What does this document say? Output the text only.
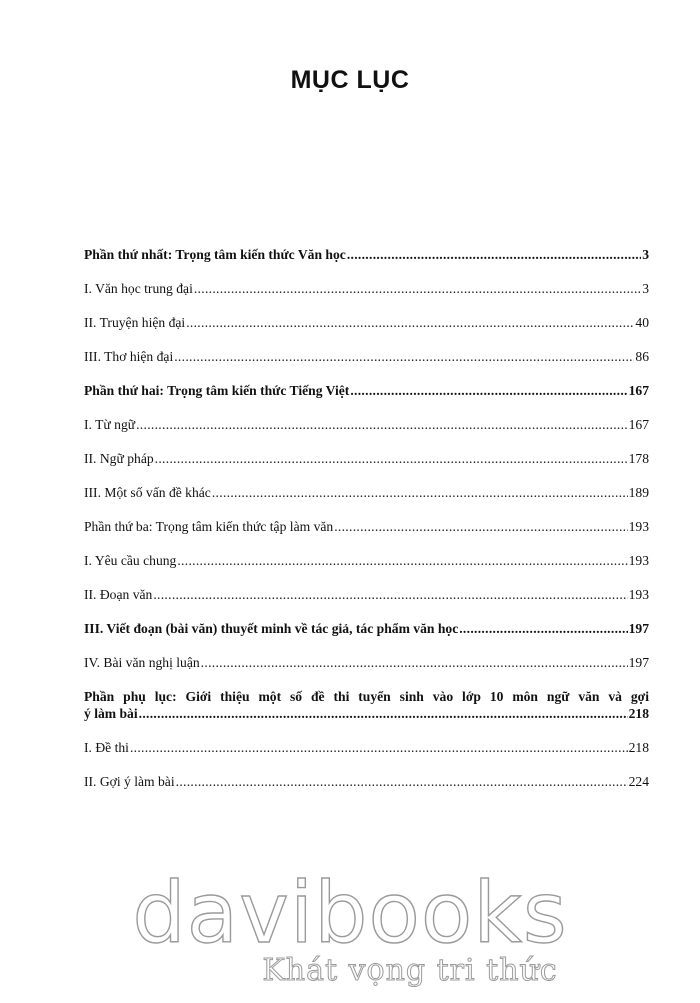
MỤC LỤC
Phần thứ nhất: Trọng tâm kiến thức Văn học .....	3
I. Văn học trung đại .....	3
II. Truyện hiện đại .....	40
III. Thơ hiện đại .....	86
Phần thứ hai: Trọng tâm kiến thức Tiếng Việt .....	167
I. Từ ngữ .....	167
II. Ngữ pháp .....	178
III. Một số vấn đề khác .....	189
Phần thứ ba: Trọng tâm kiến thức tập làm văn .....	193
I. Yêu cầu chung .....	193
II. Đoạn văn .....	193
III. Viết đoạn (bài văn) thuyết minh về tác giả, tác phẩm văn học .....	197
IV. Bài văn nghị luận .....	197
Phần phụ lục: Giới thiệu một số đề thi tuyển sinh vào lớp 10 môn ngữ văn và gợi
ý làm bài .....	218
I. Đề thi .....	218
II. Gợi ý làm bài .....	224
davibooks
Khát vọng tri thức
